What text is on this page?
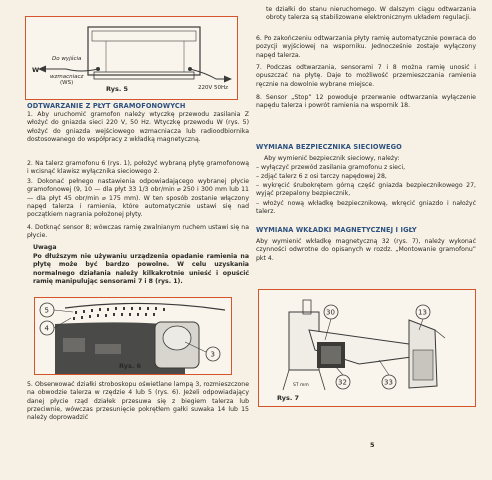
W
Do wyjścia
wzmacniacz
(WS)
220V 50Hz
Rys. 5
ODTWARZANIE Z PŁYT GRAMOFONOWYCH
1. Aby uruchomić gramofon należy wtyczkę przewodu zasilania Z włożyć do gniazda sieci 220 V, 50 Hz. Wtyczkę przewodu W (rys. 5) włożyć do gniazda wejściowego wzmacniacza lub radioodbiornika dostosowanego do współpracy z wkładką magnetyczną.
2. Na talerz gramofonu 6 (rys. 1), położyć wybraną płytę gramofonową i wcisnąć klawisz wyłącznika sieciowego 2.
3. Dokonać pełnego nastawienia odpowiadającego wybranej płycie gramofonowej (9, 10 — dla płyt 33 1/3 obr/min ⌀ 250 i 300 mm lub 11 — dla płyt 45 obr/min ⌀ 175 mm). W ten sposób zostanie włączony napęd talerza i ramienia, które automatycznie ustawi się nad początkiem nagrania położonej płyty.
4. Dotknąć sensor 8; wówczas ramię zwalnianym ruchem ustawi się na płycie.
Uwaga
Po dłuższym nie używaniu urządzenia opadanie ramienia na płytę może być bardzo powolne. W celu uzyskania normalnego działania należy kilkakrotnie unieść i opuścić ramię manipulując sensorami 7 i 8 (rys. 1).
5
4
3
Rys. 6
5. Obserwować działki stroboskopu oświetlane lampą 3, rozmieszczone na obwodzie talerza w rzędzie 4 lub 5 (rys. 6). Jeżeli odpowiadający danej płycie rząd działek przesuwa się z biegiem talerza lub przeciwnie, wówczas przesunięcie pokrętłem gałki suwaka 14 lub 15 należy doprowadzić
te działki do stanu nieruchomego. W dalszym ciągu odtwarzania obroty talerza są stabilizowane elektronicznym układem regulacji.
6. Po zakończeniu odtwarzania płyty ramię automatycznie powraca do pozycji wyjściowej na wsporniku. Jednocześnie zostaje wyłączony napęd talerza.
7. Podczas odtwarzania, sensorami 7 i 8 można ramię unosić i opuszczać na płytę. Daje to możliwość przemieszczania ramienia ręcznie na dowolnie wybrane miejsce.
8. Sensor „Stop” 12 powoduje przerwanie odtwarzania wyłączenie napędu talerza i powrót ramienia na wspornik 18.
WYMIANA BEZPIECZNIKA SIECIOWEGO
Aby wymienić bezpiecznik sieciowy, należy:
– wyłączyć przewód zasilania gramofonu z sieci,
– zdjąć talerz 6 z osi tarczy napędowej 28,
– wykręcić śrubokrętem górną część gniazda bezpiecznikowego 27, wyjąć przepalony bezpiecznik,
– włożyć nową wkładkę bezpiecznikową, wkręcić gniazdo i nałożyć talerz.
WYMIANA WKŁADKI MAGNETYCZNEJ I IGŁY
Aby wymienić wkładkę magnetyczną 32 (rys. 7), należy wykonać czynności odwrotne do opisanych w rozdz. „Montowanie gramofonu” pkt 4.
30	13
32	33
ST mm
Rys. 7
5
